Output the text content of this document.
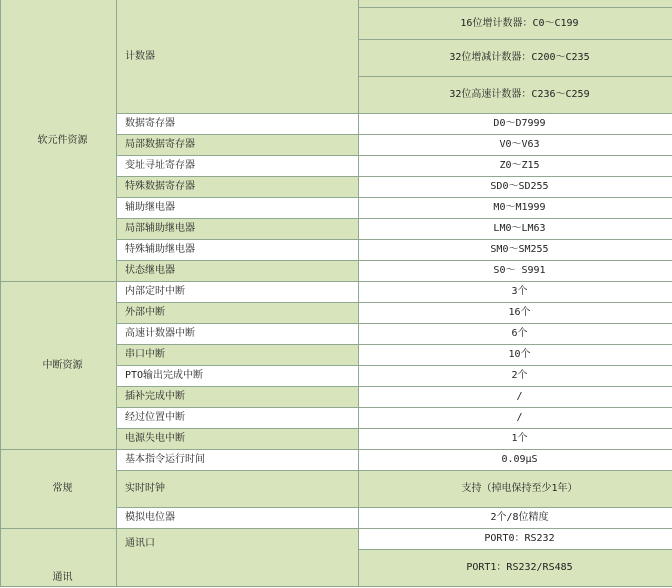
软元件资源	计数器	
		16位增计数器：C0～C199
		32位增减计数器：C200～C235
		32位高速计数器：C236～C259
	数据寄存器	D0～D7999
	局部数据寄存器	V0～V63
	变址寻址寄存器	Z0～Z15
	特殊数据寄存器	SD0～SD255
	辅助继电器	M0～M1999
	局部辅助继电器	LM0～LM63
	特殊辅助继电器	SM0～SM255
	状态继电器	S0～ S991
中断资源	内部定时中断	3个
	外部中断	16个
	高速计数器中断	6个
	串口中断	10个
	PTO输出完成中断	2个
	插补完成中断	/
	经过位置中断	/
	电源失电中断	1个
常规	基本指令运行时间	0.09μS
	实时时钟	支持（掉电保持至少1年）
	模拟电位器	2个/8位精度
通讯	通讯口	PORT0：RS232
		PORT1：RS232/RS485
